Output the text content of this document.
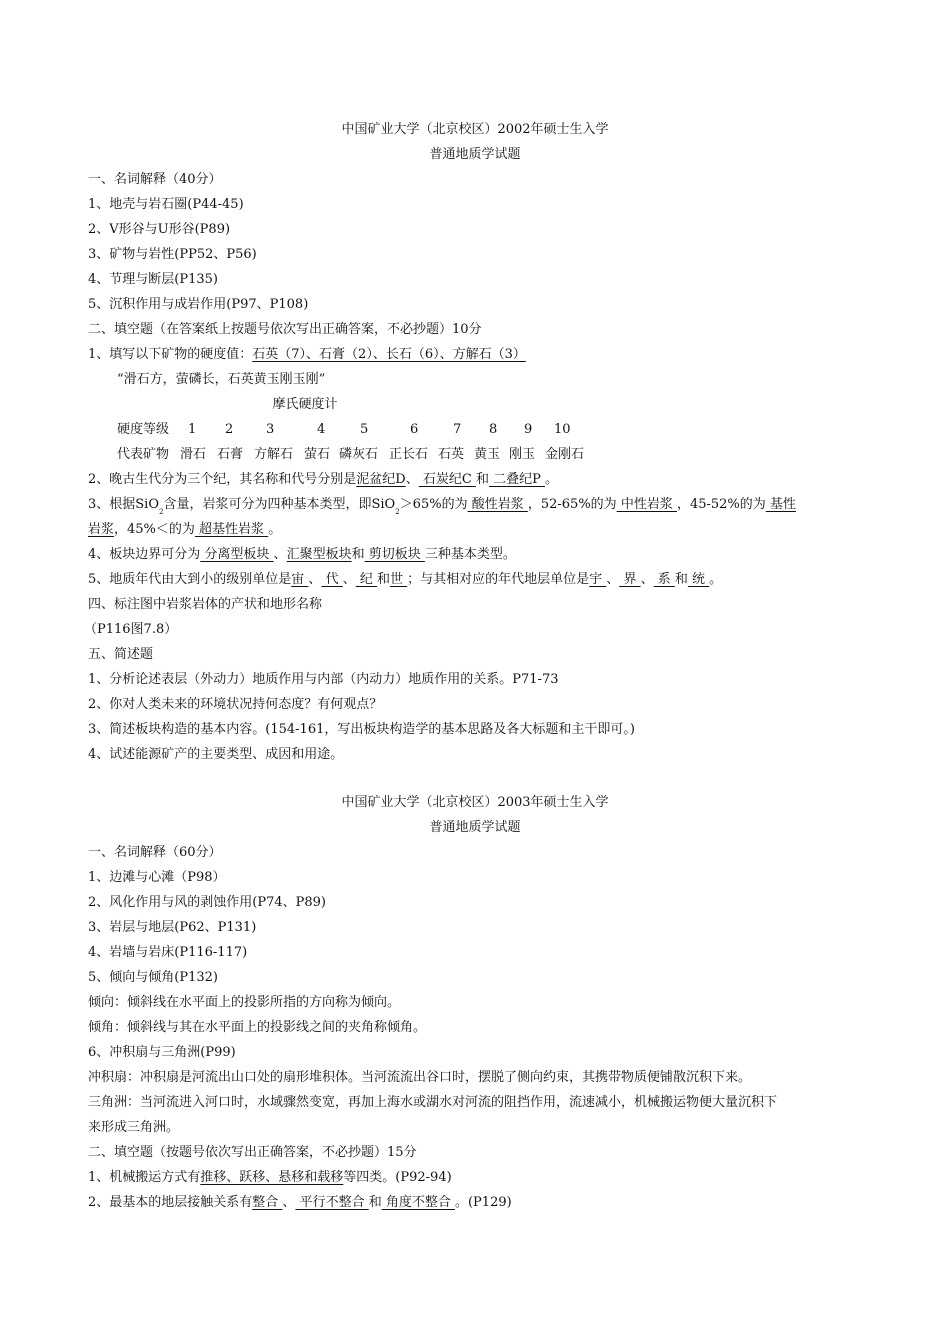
中国矿业大学（北京校区）2002年硕士生入学
普通地质学试题
一、名词解释（40分）
1、地壳与岩石圈(P44-45)
2、V形谷与U形谷(P89)
3、矿物与岩性(PP52、P56)
4、节理与断层(P135)
5、沉积作用与成岩作用(P97、P108)
二、填空题（在答案纸上按题号依次写出正确答案，不必抄题）10分
1、填写以下矿物的硬度值：石英（7）、石膏（2）、长石（6）、方解石（3）
“滑石方，萤磷长，石英黄玉刚玉刚”
摩氏硬度计
硬度等级 1 2	3	4	5	6	7 8 9 10
代表矿物 滑石 石膏 方解石 萤石 磷灰石 正长石 石英 黄玉 刚玉 金刚石
2、晚古生代分为三个纪，其名称和代号分别是泥盆纪D、 石炭纪C 和 二叠纪P 。
3、根据SiO$_2$含量，岩浆可分为四种基本类型，即SiO$_2$＞65%的为 酸性岩浆 ，52-65%的为 中性岩浆 ，45-52%的为 基性
岩浆，45%＜的为 超基性岩浆 。
4、板块边界可分为 分离型板块 、汇聚型板块和 剪切板块 三种基本类型。
5、地质年代由大到小的级别单位是宙 、 代 、 纪 和世 ；与其相对应的年代地层单位是宇 、 界 、 系 和 统 。
四、标注图中岩浆岩体的产状和地形名称
（P116图7.8）
五、简述题
1、分析论述表层（外动力）地质作用与内部（内动力）地质作用的关系。P71-73
2、你对人类未来的环境状况持何态度？有何观点？
3、简述板块构造的基本内容。(154-161，写出板块构造学的基本思路及各大标题和主干即可。)
4、试述能源矿产的主要类型、成因和用途。
中国矿业大学（北京校区）2003年硕士生入学
普通地质学试题
一、名词解释（60分）
1、边滩与心滩（P98）
2、风化作用与风的剥蚀作用(P74、P89)
3、岩层与地层(P62、P131)
4、岩墙与岩床(P116-117)
5、倾向与倾角(P132)
倾向：倾斜线在水平面上的投影所指的方向称为倾向。
倾角：倾斜线与其在水平面上的投影线之间的夹角称倾角。
6、冲积扇与三角洲(P99)
冲积扇：冲积扇是河流出山口处的扇形堆积体。当河流流出谷口时，摆脱了侧向约束，其携带物质便铺散沉积下来。
三角洲：当河流进入河口时，水域骤然变宽，再加上海水或湖水对河流的阻挡作用，流速减小，机械搬运物便大量沉积下
来形成三角洲。
二、填空题（按题号依次写出正确答案，不必抄题）15分
1、机械搬运方式有推移、跃移、悬移和载移等四类。(P92-94)
2、最基本的地层接触关系有整合 、 平行不整合 和 角度不整合 。(P129)
